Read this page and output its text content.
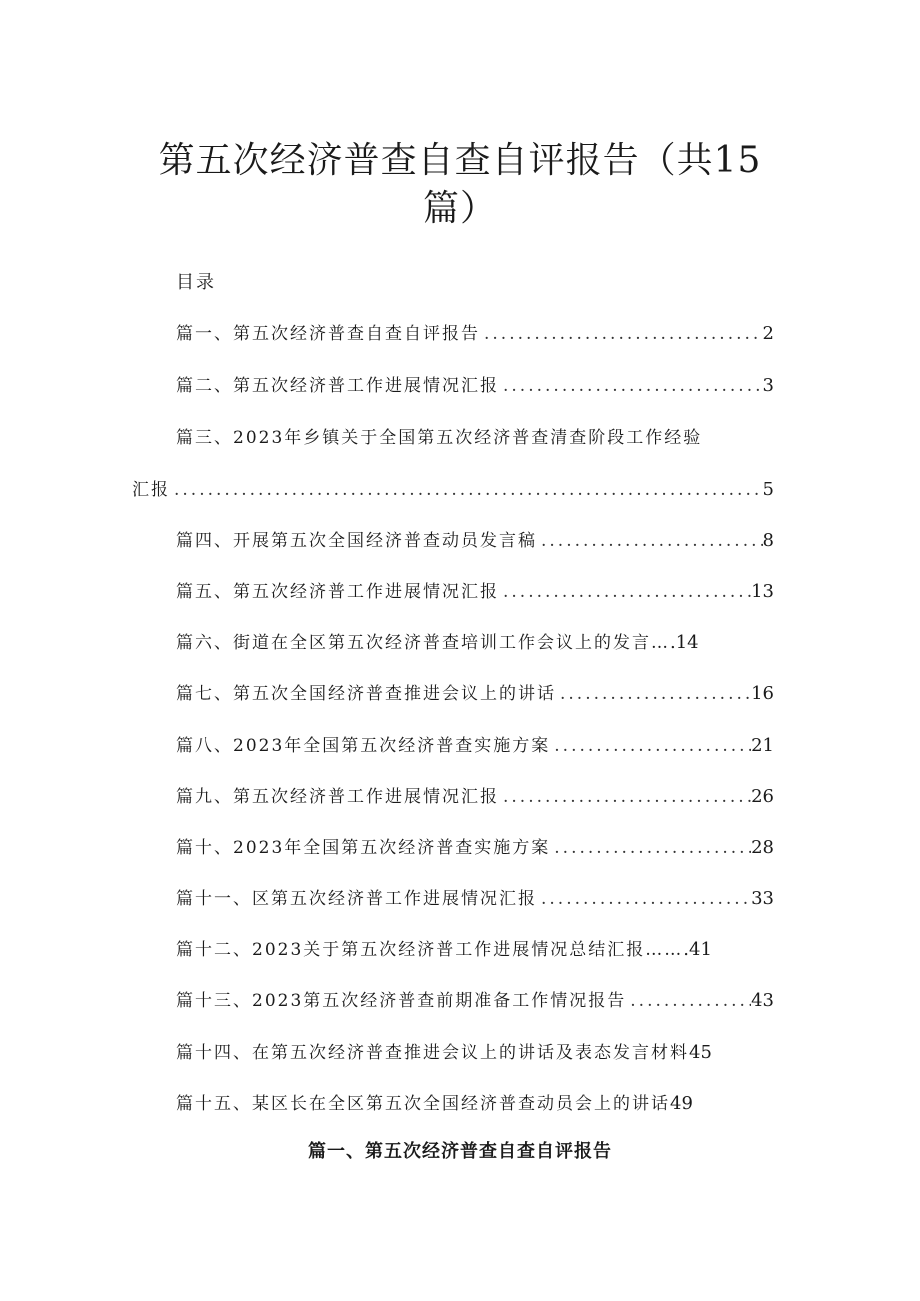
第五次经济普查自查自评报告（共15
篇）
目录
篇一、第五次经济普查自查自评报告 .....	2
篇二、第五次经济普工作进展情况汇报 .....	3
篇三、2023年乡镇关于全国第五次经济普查清查阶段工作经验
汇报 .....	5
篇四、开展第五次全国经济普查动员发言稿 .....	8
篇五、第五次经济普工作进展情况汇报 .....	13
篇六、街道在全区第五次经济普查培训工作会议上的发言… .14
篇七、第五次全国经济普查推进会议上的讲话 .....	16
篇八、2023年全国第五次经济普查实施方案 .....	21
篇九、第五次经济普工作进展情况汇报 .....	26
篇十、2023年全国第五次经济普查实施方案 .....	28
篇十一、区第五次经济普工作进展情况汇报 .....	33
篇十二、2023关于第五次经济普工作进展情况总结汇报…… .41
篇十三、2023第五次经济普查前期准备工作情况报告 .....	43
篇十四、在第五次经济普查推进会议上的讲话及表态发言材料 45
篇十五、某区长在全区第五次全国经济普查动员会上的讲话 49
篇一、第五次经济普查自查自评报告
